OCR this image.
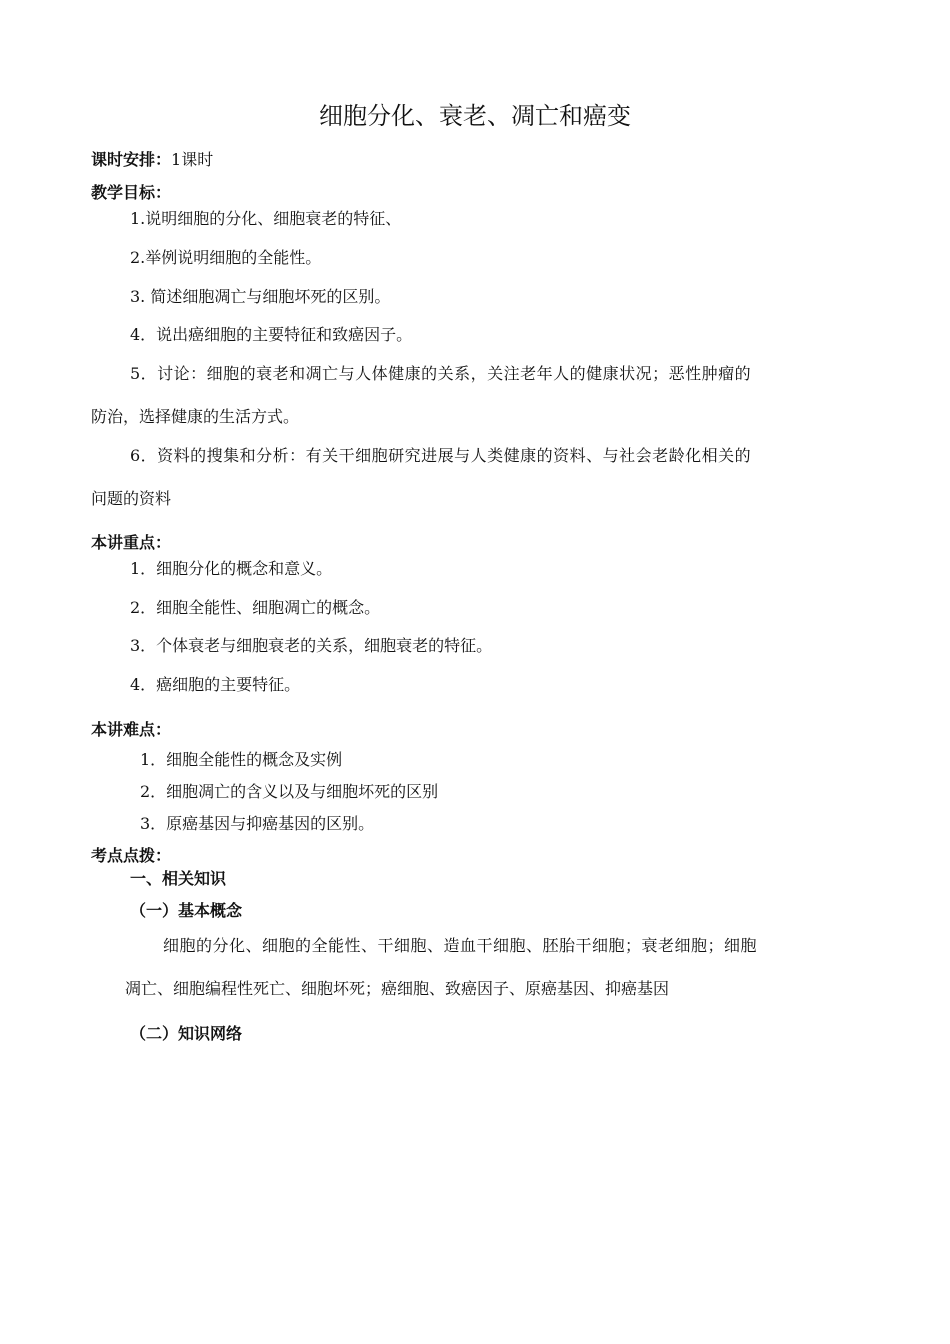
细胞分化、衰老、凋亡和癌变
课时安排：1课时
教学目标：
1.说明细胞的分化、细胞衰老的特征、
2.举例说明细胞的全能性。
3. 简述细胞凋亡与细胞坏死的区别。
4．说出癌细胞的主要特征和致癌因子。
5．讨论：细胞的衰老和凋亡与人体健康的关系，关注老年人的健康状况；恶性肿瘤的
防治，选择健康的生活方式。
6．资料的搜集和分析：有关干细胞研究进展与人类健康的资料、与社会老龄化相关的
问题的资料
本讲重点：
1．细胞分化的概念和意义。
2．细胞全能性、细胞凋亡的概念。
3．个体衰老与细胞衰老的关系，细胞衰老的特征。
4．癌细胞的主要特征。
本讲难点：
1．细胞全能性的概念及实例
2．细胞凋亡的含义以及与细胞坏死的区别
3．原癌基因与抑癌基因的区别。
考点点拨：
一、相关知识
（一）基本概念
细胞的分化、细胞的全能性、干细胞、造血干细胞、胚胎干细胞；衰老细胞；细胞
凋亡、细胞编程性死亡、细胞坏死；癌细胞、致癌因子、原癌基因、抑癌基因
（二）知识网络
